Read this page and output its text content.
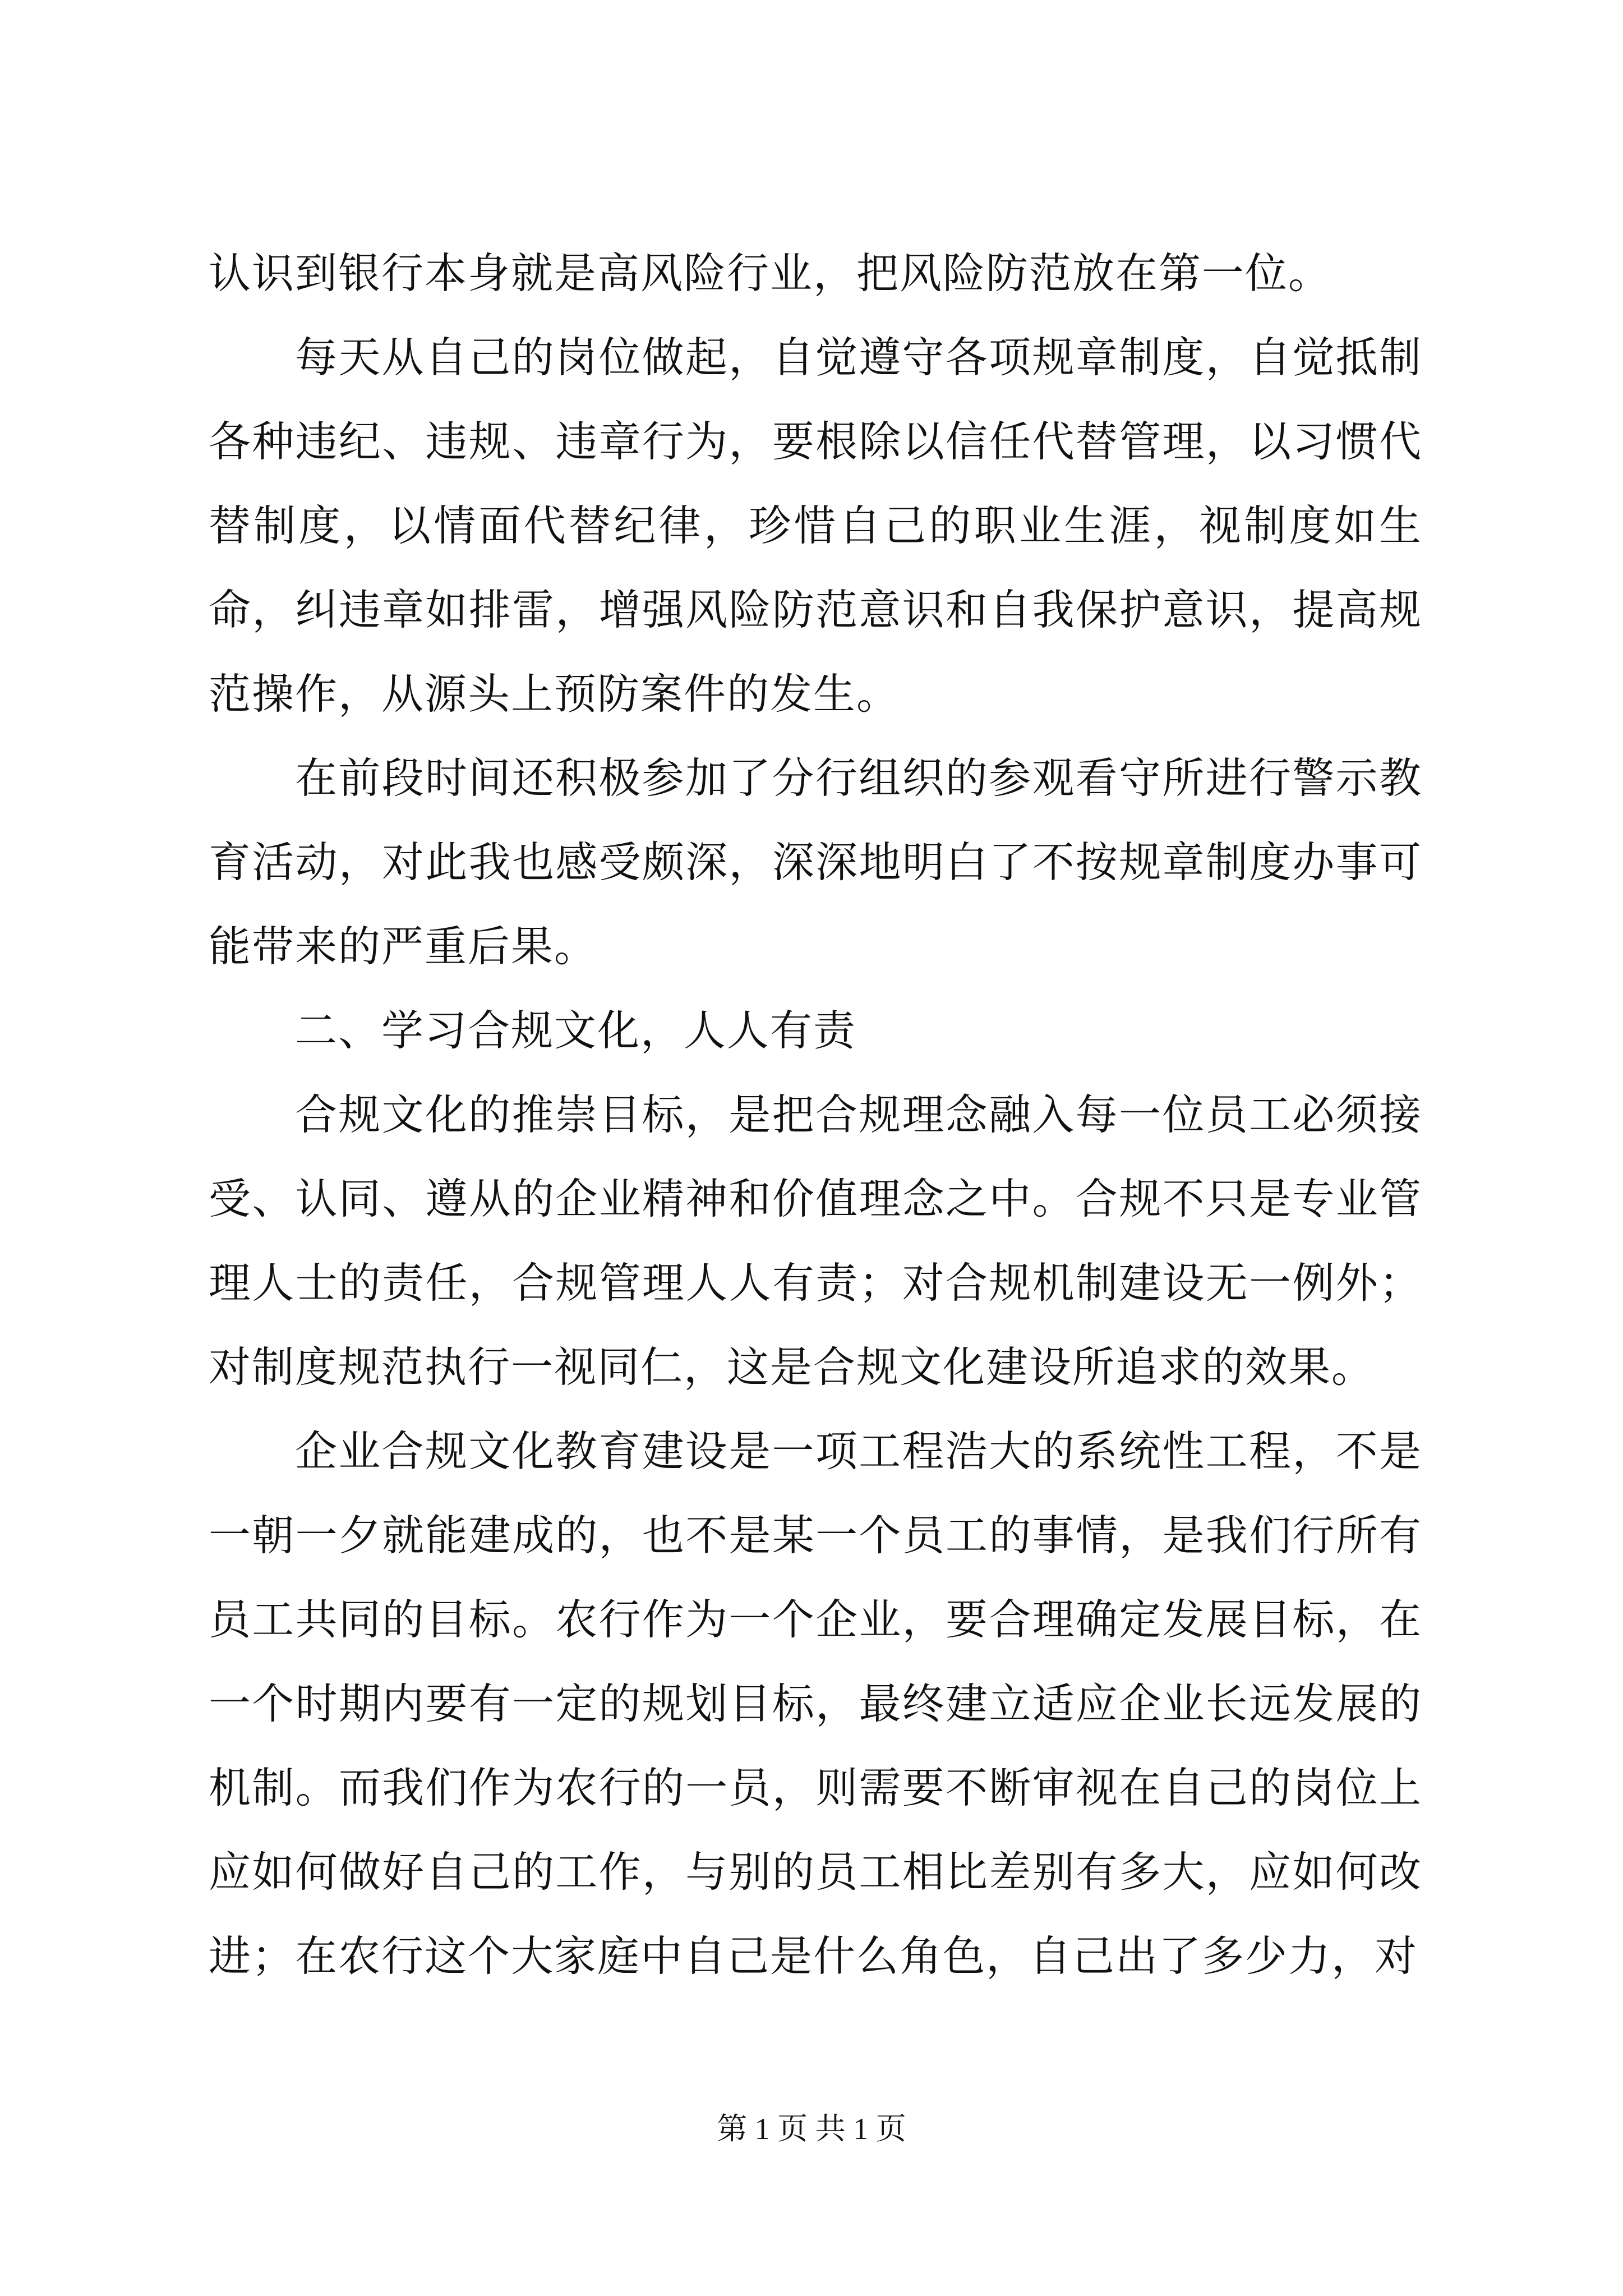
认识到银行本身就是高风险行业，把风险防范放在第一位。

每天从自己的岗位做起，自觉遵守各项规章制度，自觉抵制各种违纪、违规、违章行为，要根除以信任代替管理，以习惯代替制度，以情面代替纪律，珍惜自己的职业生涯，视制度如生命，纠违章如排雷，增强风险防范意识和自我保护意识，提高规范操作，从源头上预防案件的发生。

在前段时间还积极参加了分行组织的参观看守所进行警示教育活动，对此我也感受颇深，深深地明白了不按规章制度办事可能带来的严重后果。

二、学习合规文化，人人有责

合规文化的推崇目标，是把合规理念融入每一位员工必须接受、认同、遵从的企业精神和价值理念之中。合规不只是专业管理人士的责任，合规管理人人有责；对合规机制建设无一例外；对制度规范执行一视同仁，这是合规文化建设所追求的效果。

企业合规文化教育建设是一项工程浩大的系统性工程，不是一朝一夕就能建成的，也不是某一个员工的事情，是我们行所有员工共同的目标。农行作为一个企业，要合理确定发展目标，在一个时期内要有一定的规划目标，最终建立适应企业长远发展的机制。而我们作为农行的一员，则需要不断审视在自己的岗位上应如何做好自己的工作，与别的员工相比差别有多大，应如何改进；在农行这个大家庭中自己是什么角色，自己出了多少力，对

第 1 页 共 1 页
